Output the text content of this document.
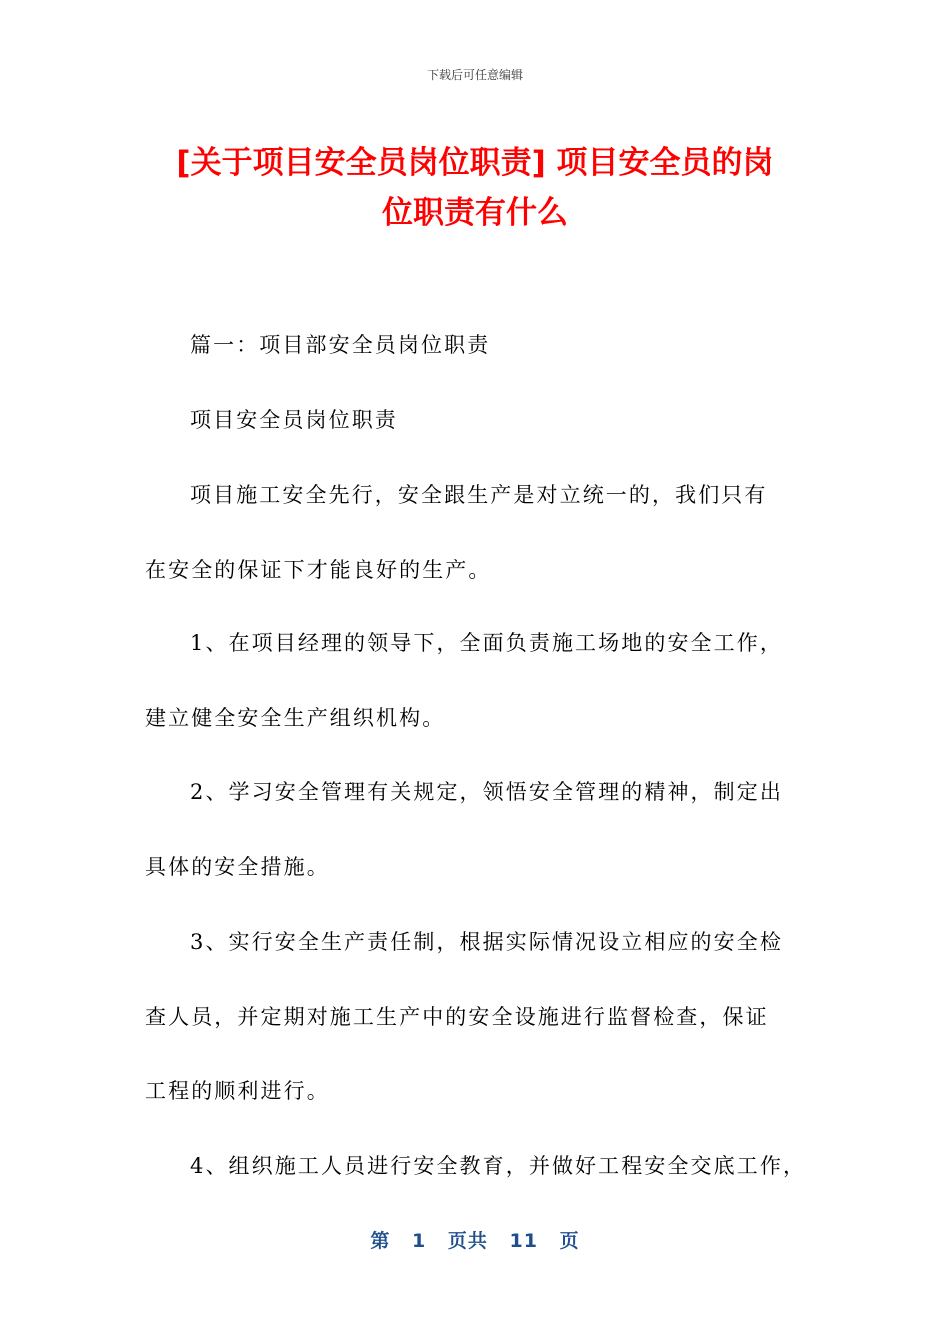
下载后可任意编辑
[关于项目安全员岗位职责] 项目安全员的岗
位职责有什么

篇一：项目部安全员岗位职责

项目安全员岗位职责

项目施工安全先行，安全跟生产是对立统一的，我们只有

在安全的保证下才能良好的生产。

1、在项目经理的领导下，全面负责施工场地的安全工作，

建立健全安全生产组织机构。

2、学习安全管理有关规定，领悟安全管理的精神，制定出

具体的安全措施。

3、实行安全生产责任制，根据实际情况设立相应的安全检

查人员，并定期对施工生产中的安全设施进行监督检查，保证

工程的顺利进行。

4、组织施工人员进行安全教育，并做好工程安全交底工作，

第 1 页共 11 页
